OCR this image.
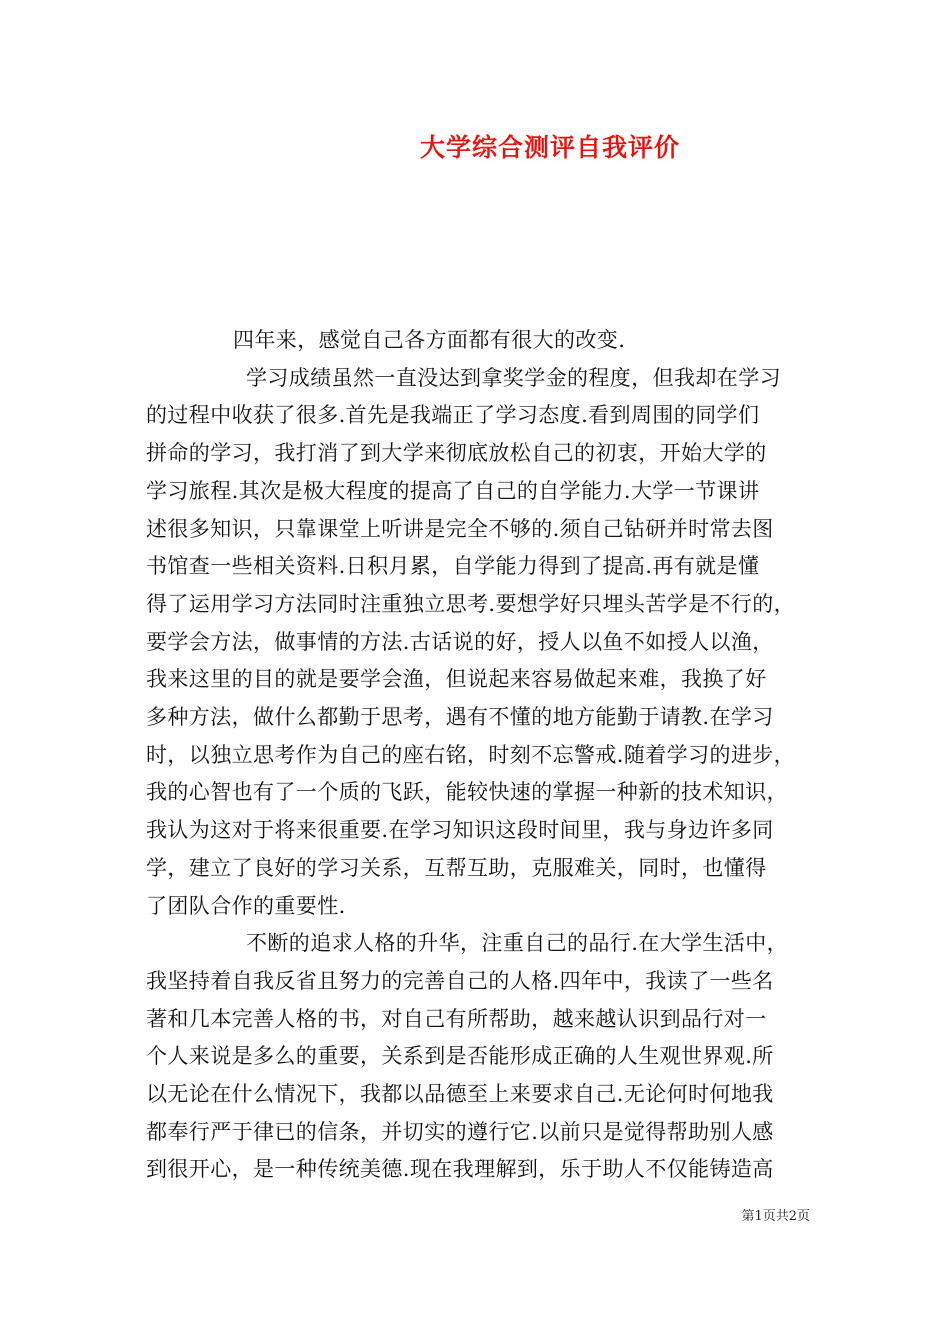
大学综合测评自我评价
四年来，感觉自己各方面都有很大的改变.
学习成绩虽然一直没达到拿奖学金的程度，但我却在学习
的过程中收获了很多.首先是我端正了学习态度.看到周围的同学们
拼命的学习，我打消了到大学来彻底放松自己的初衷，开始大学的
学习旅程.其次是极大程度的提高了自己的自学能力.大学一节课讲
述很多知识，只靠课堂上听讲是完全不够的.须自己钻研并时常去图
书馆查一些相关资料.日积月累，自学能力得到了提高.再有就是懂
得了运用学习方法同时注重独立思考.要想学好只埋头苦学是不行的，
要学会方法，做事情的方法.古话说的好，授人以鱼不如授人以渔，
我来这里的目的就是要学会渔，但说起来容易做起来难，我换了好
多种方法，做什么都勤于思考，遇有不懂的地方能勤于请教.在学习
时，以独立思考作为自己的座右铭，时刻不忘警戒.随着学习的进步，
我的心智也有了一个质的飞跃，能较快速的掌握一种新的技术知识，
我认为这对于将来很重要.在学习知识这段时间里，我与身边许多同
学，建立了良好的学习关系，互帮互助，克服难关，同时，也懂得
了团队合作的重要性.
不断的追求人格的升华，注重自己的品行.在大学生活中，
我坚持着自我反省且努力的完善自己的人格.四年中，我读了一些名
著和几本完善人格的书，对自己有所帮助，越来越认识到品行对一
个人来说是多么的重要，关系到是否能形成正确的人生观世界观.所
以无论在什么情况下，我都以品德至上来要求自己.无论何时何地我
都奉行严于律已的信条，并切实的遵行它.以前只是觉得帮助别人感
到很开心，是一种传统美德.现在我理解到，乐于助人不仅能铸造高
第1页共2页
